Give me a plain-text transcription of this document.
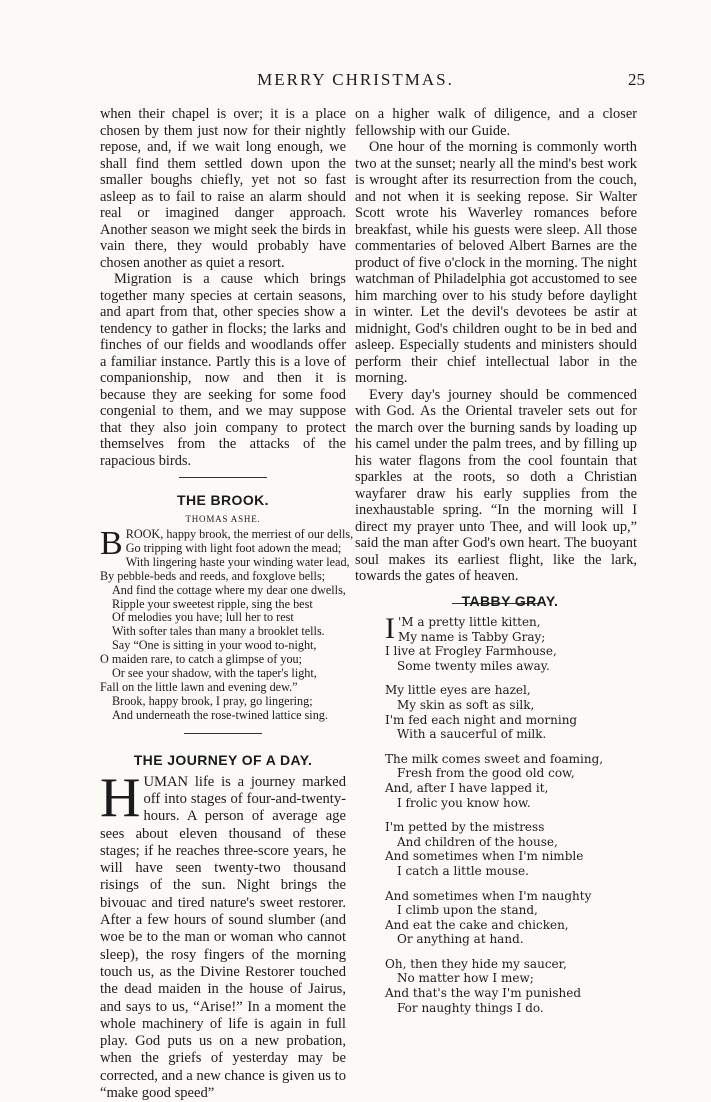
MERRY CHRISTMAS.	25

when their chapel is over; it is a place chosen by them just now for their nightly repose, and, if we wait long enough, we shall find them settled down upon the smaller boughs chiefly, yet not so fast asleep as to fail to raise an alarm should real or imagined danger approach. Another season we might seek the birds in vain there, they would probably have chosen another as quiet a resort.

Migration is a cause which brings together many species at certain seasons, and apart from that, other species show a tendency to gather in flocks; the larks and finches of our fields and woodlands offer a familiar instance. Partly this is a love of companionship, now and then it is because they are seeking for some food congenial to them, and we may suppose that they also join company to protect themselves from the attacks of the rapacious birds.

THE BROOK.
THOMAS ASHE.
B ROOK, happy brook, the merriest of our dells,
Go tripping with light foot adown the mead;
With lingering haste your winding water lead,
By pebble-beds and reeds, and foxglove bells;
And find the cottage where my dear one dwells,
Ripple your sweetest ripple, sing the best
Of melodies you have; lull her to rest
With softer tales than many a brooklet tells.
Say “One is sitting in your wood to-night,
O maiden rare, to catch a glimpse of you;
Or see your shadow, with the taper's light,
Fall on the little lawn and evening dew.”
Brook, happy brook, I pray, go lingering;
And underneath the rose-twined lattice sing.
THE JOURNEY OF A DAY.

HUMAN life is a journey marked off into stages of four-and-twenty-hours. A person of average age sees about eleven thousand of these stages; if he reaches three-score years, he will have seen twenty-two thousand risings of the sun. Night brings the bivouac and tired nature's sweet restorer. After a few hours of sound slumber (and woe be to the man or woman who cannot sleep), the rosy fingers of the morning touch us, as the Divine Restorer touched the dead maiden in the house of Jairus, and says to us, “Arise!” In a moment the whole machinery of life is again in full play. God puts us on a new probation, when the griefs of yesterday may be corrected, and a new chance is given us to “make good speed”

on a higher walk of diligence, and a closer fellowship with our Guide.

One hour of the morning is commonly worth two at the sunset; nearly all the mind's best work is wrought after its resurrection from the couch, and not when it is seeking repose. Sir Walter Scott wrote his Waverley romances before breakfast, while his guests were sleep. All those commentaries of beloved Albert Barnes are the product of five o'clock in the morning. The night watchman of Philadelphia got accustomed to see him marching over to his study before daylight in winter. Let the devil's devotees be astir at midnight, God's children ought to be in bed and asleep. Especially students and ministers should perform their chief intellectual labor in the morning.

Every day's journey should be commenced with God. As the Oriental traveler sets out for the march over the burning sands by loading up his camel under the palm trees, and by filling up his water flagons from the cool fountain that sparkles at the roots, so doth a Christian wayfarer draw his early supplies from the inexhaustable spring. “In the morning will I direct my prayer unto Thee, and will look up,” said the man after God's own heart. The buoyant soul makes its earliest flight, like the lark, towards the gates of heaven.

TABBY GRAY.
I 'M a pretty little kitten,
My name is Tabby Gray;
I live at Frogley Farmhouse,
Some twenty miles away.
My little eyes are hazel,
My skin as soft as silk,
I'm fed each night and morning
With a saucerful of milk.
The milk comes sweet and foaming,
Fresh from the good old cow,
And, after I have lapped it,
I frolic you know how.
I'm petted by the mistress
And children of the house,
And sometimes when I'm nimble
I catch a little mouse.
And sometimes when I'm naughty
I climb upon the stand,
And eat the cake and chicken,
Or anything at hand.
Oh, then they hide my saucer,
No matter how I mew;
And that's the way I'm punished
For naughty things I do.
